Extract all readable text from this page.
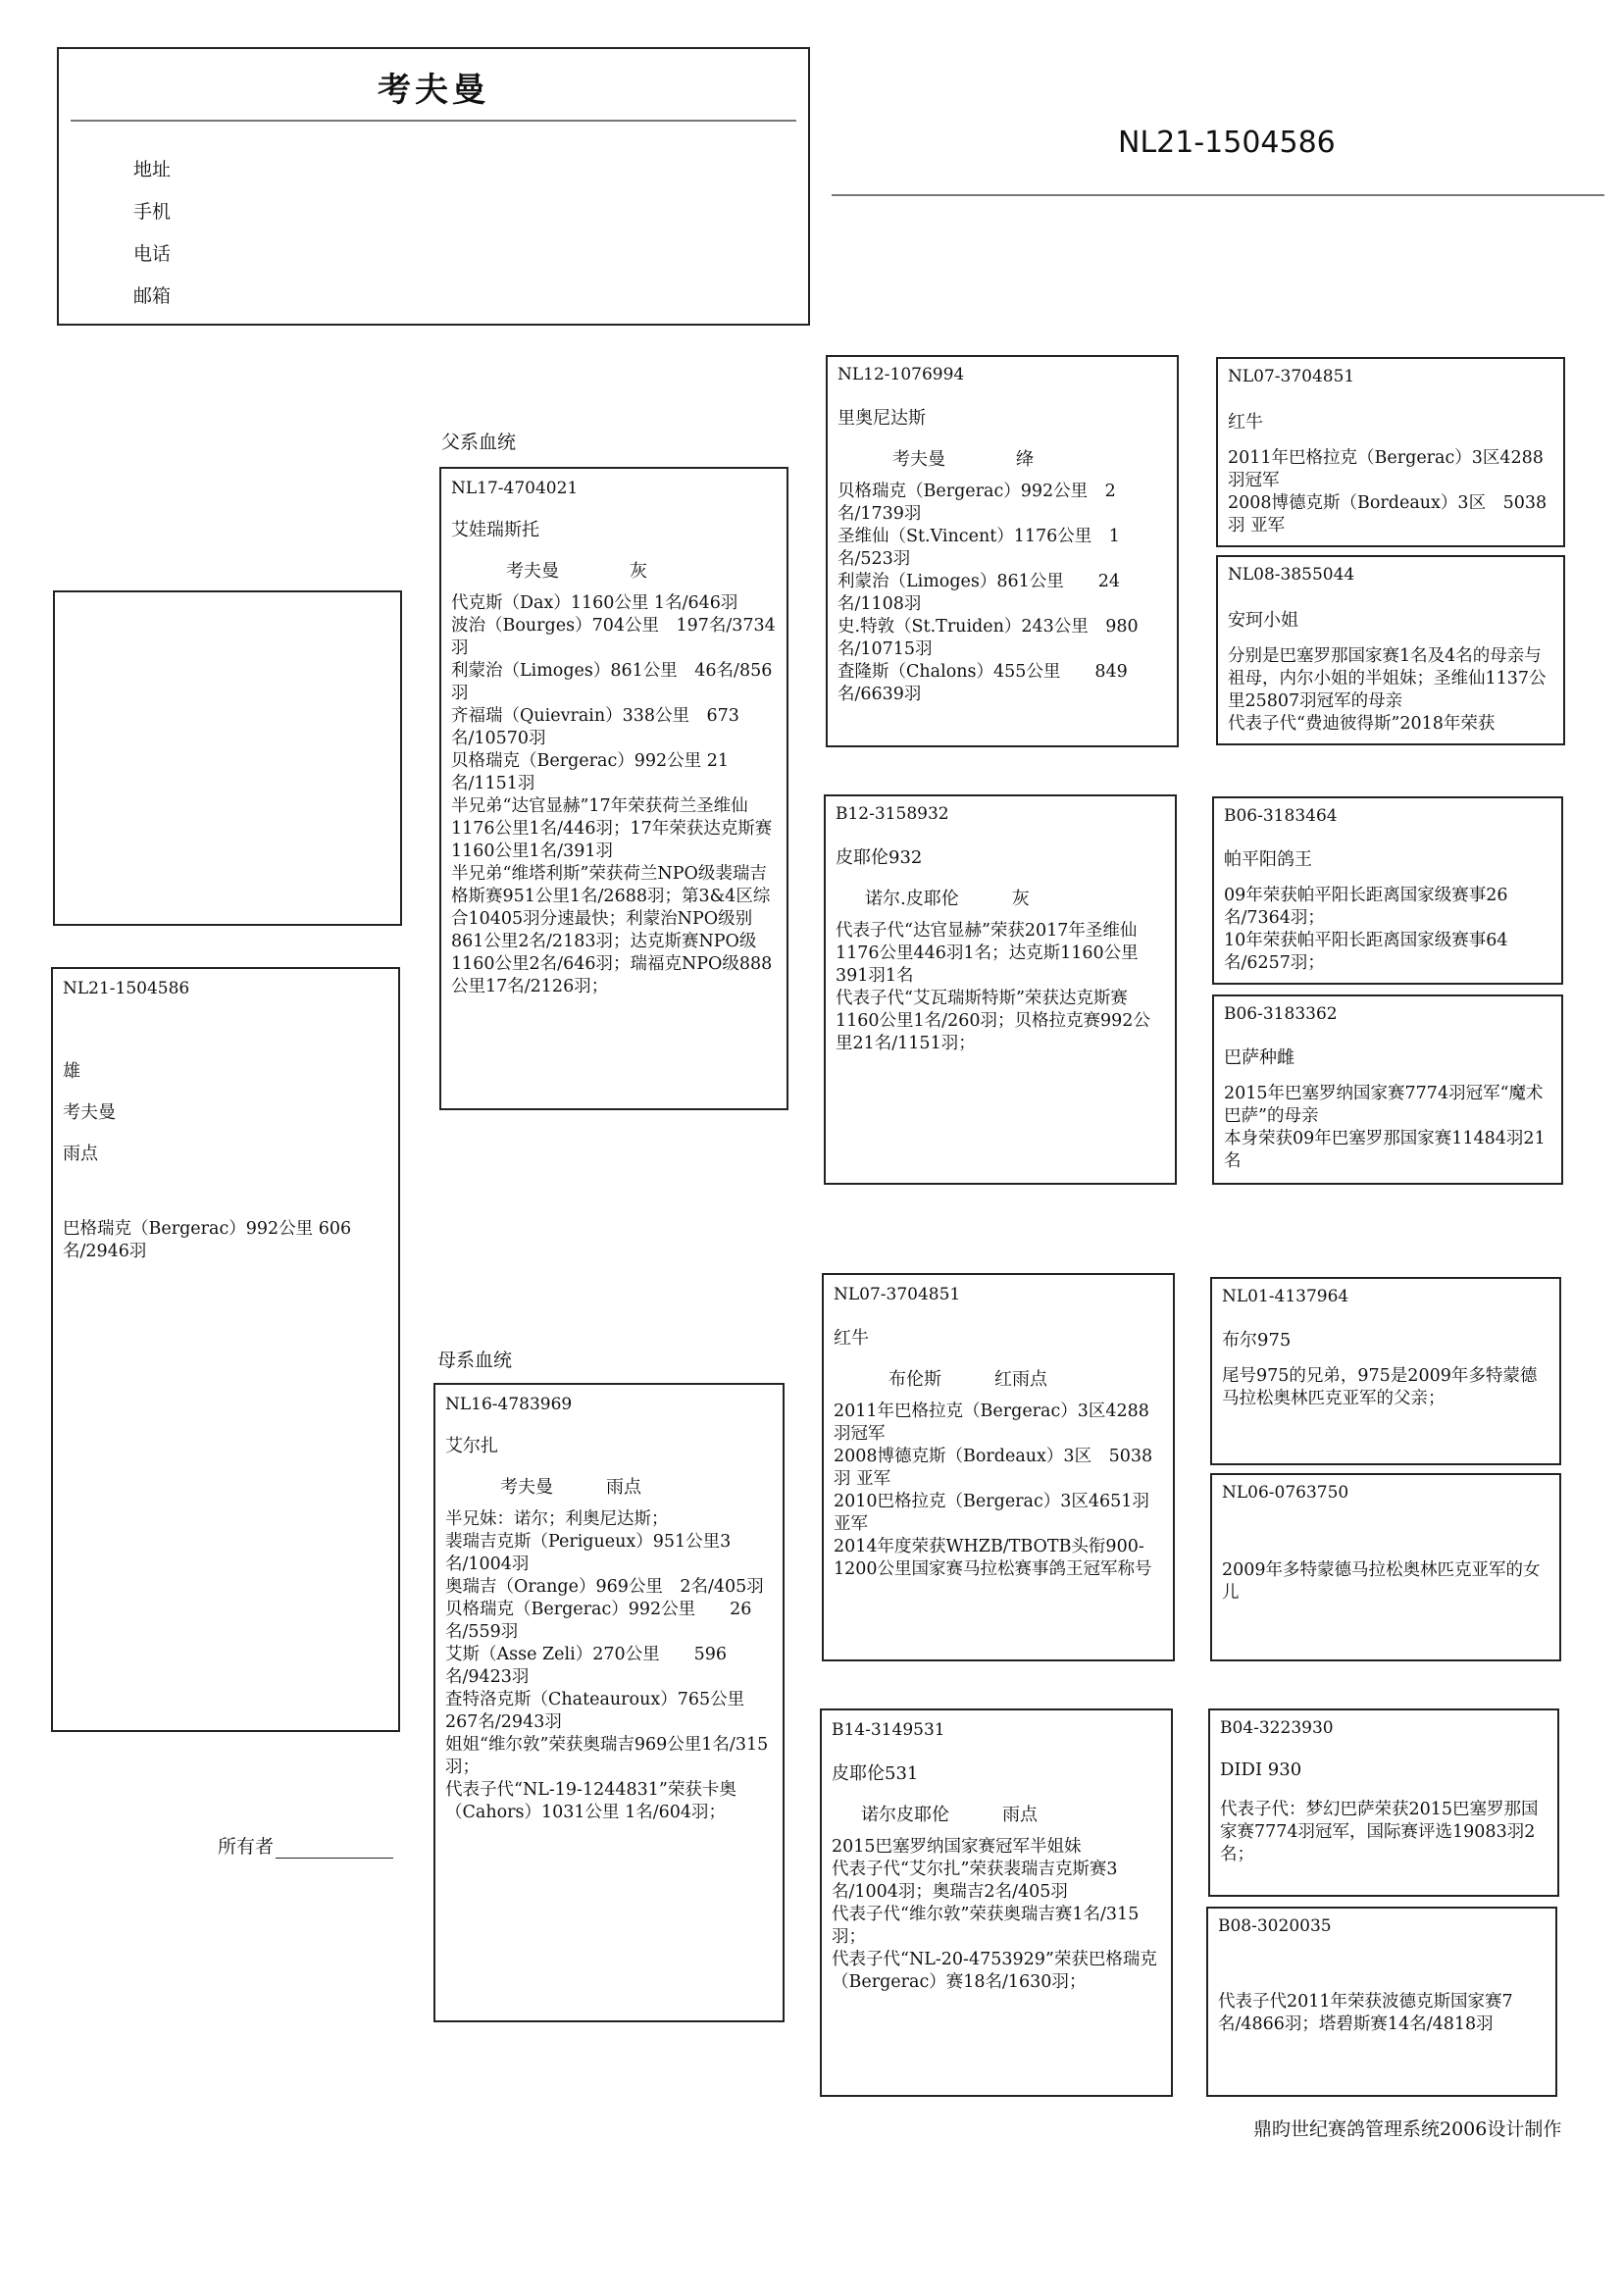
考夫曼
地址
手机
电话
邮箱
NL21-1504586
NL21-1504586
雄
考夫曼
雨点
巴格瑞克（Bergerac）992公里 606名/2946羽
所有者
父系血统
母系血统
NL17-4704021
艾娃瑞斯托
考夫曼　　　　灰
代克斯（Dax）1160公里 1名/646羽
波治（Bourges）704公里　197名/3734羽
利蒙治（Limoges）861公里　46名/856羽
齐福瑞（Quievrain）338公里　673名/10570羽
贝格瑞克（Bergerac）992公里 21名/1151羽
半兄弟“达官显赫”17年荣获荷兰圣维仙1176公里1名/446羽；17年荣获达克斯赛1160公里1名/391羽
半兄弟“维塔利斯”荣获荷兰NPO级裴瑞吉格斯赛951公里1名/2688羽；第3&4区综合10405羽分速最快；利蒙治NPO级别861公里2名/2183羽；达克斯赛NPO级1160公里2名/646羽；瑞福克NPO级888公里17名/2126羽；
NL16-4783969
艾尔扎
考夫曼　　　雨点
半兄妹：诺尔；利奥尼达斯；
裴瑞吉克斯（Perigueux）951公里3名/1004羽
奥瑞吉（Orange）969公里　2名/405羽
贝格瑞克（Bergerac）992公里　　26名/559羽
艾斯（Asse Zeli）270公里　　596名/9423羽
査特洛克斯（Chateauroux）765公里　267名/2943羽
姐姐“维尔敦”荣获奥瑞吉969公里1名/315羽；
代表子代“NL-19-1244831”荣获卡奥（Cahors）1031公里 1名/604羽；
NL12-1076994
里奥尼达斯
考夫曼　　　　绛
贝格瑞克（Bergerac）992公里　2名/1739羽
圣维仙（St.Vincent）1176公里　1名/523羽
利蒙治（Limoges）861公里　　24名/1108羽
史.特敦（St.Truiden）243公里　980名/10715羽
査隆斯（Chalons）455公里　　849名/6639羽
B12-3158932
皮耶伦932
诺尔.皮耶伦　　　灰
代表子代“达官显赫”荣获2017年圣维仙1176公里446羽1名；达克斯1160公里391羽1名
代表子代“艾瓦瑞斯特斯”荣获达克斯赛1160公里1名/260羽；贝格拉克赛992公里21名/1151羽；
NL07-3704851
红牛
布伦斯　　　红雨点
2011年巴格拉克（Bergerac）3区4288羽冠军
2008博德克斯（Bordeaux）3区　5038羽 亚军
2010巴格拉克（Bergerac）3区4651羽亚军
2014年度荣获WHZB/TBOTB头衔900-1200公里国家赛马拉松赛事鸽王冠军称号
B14-3149531
皮耶伦531
诺尔皮耶伦　　　雨点
2015巴塞罗纳国家赛冠军半姐妹
代表子代“艾尔扎”荣获裴瑞吉克斯赛3名/1004羽；奥瑞吉2名/405羽
代表子代“维尔敦”荣获奥瑞吉赛1名/315羽；
代表子代“NL-20-4753929”荣获巴格瑞克（Bergerac）赛18名/1630羽；
NL07-3704851
红牛
2011年巴格拉克（Bergerac）3区4288羽冠军
2008博德克斯（Bordeaux）3区　5038羽 亚军
NL08-3855044
安珂小姐
分别是巴塞罗那国家赛1名及4名的母亲与祖母，内尔小姐的半姐妹；圣维仙1137公里25807羽冠军的母亲
代表子代“费迪彼得斯”2018年荣获
B06-3183464
帕平阳鸽王
09年荣获帕平阳长距离国家级赛事26名/7364羽；
10年荣获帕平阳长距离国家级赛事64名/6257羽；
B06-3183362
巴萨种雌
2015年巴塞罗纳国家赛7774羽冠军“魔术巴萨”的母亲
本身荣获09年巴塞罗那国家赛11484羽21名
NL01-4137964
布尔975
尾号975的兄弟，975是2009年多特蒙德马拉松奥林匹克亚军的父亲；
NL06-0763750
2009年多特蒙德马拉松奥林匹克亚军的女儿
B04-3223930
DIDI 930
代表子代：梦幻巴萨荣获2015巴塞罗那国家赛7774羽冠军，国际赛评选19083羽2名；
B08-3020035
代表子代2011年荣获波德克斯国家赛7名/4866羽；塔碧斯赛14名/4818羽
鼎昀世纪赛鸽管理系统2006设计制作
